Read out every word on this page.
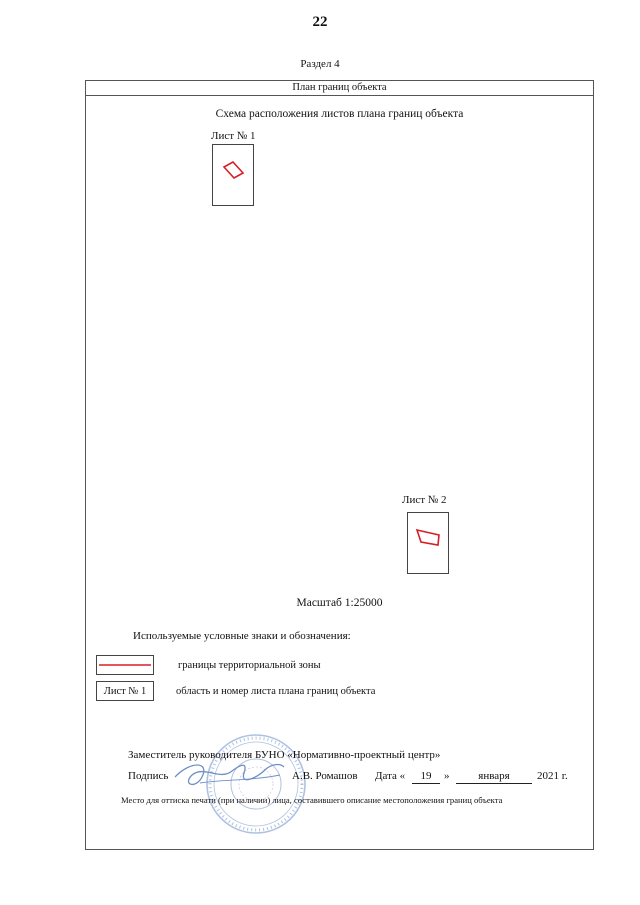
22
Раздел 4
План границ объекта
Схема расположения листов плана границ объекта
Лист № 1
Лист № 2
Масштаб 1:25000
Используемые условные знаки и обозначения:
границы территориальной зоны
Лист № 1	область и номер листа плана границ объекта
Заместитель руководителя БУНО «Нормативно-проектный центр»
Подпись	А.В. Ромашов Дата «	19	»	января	2021 г.
Место для оттиска печати (при наличии) лица, составившего описание местоположения границ объекта
